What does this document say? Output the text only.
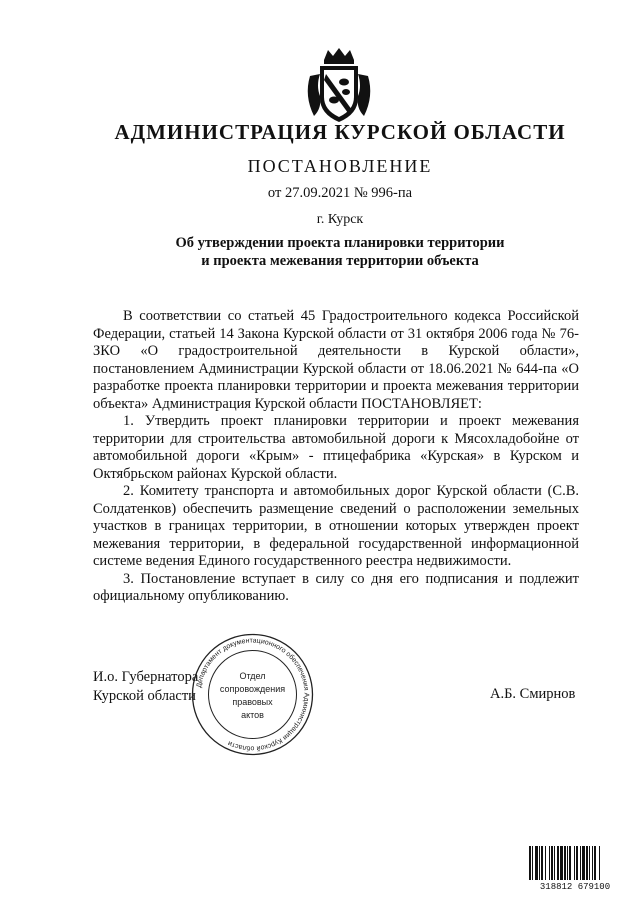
АДМИНИСТРАЦИЯ КУРСКОЙ ОБЛАСТИ
ПОСТАНОВЛЕНИЕ
от 27.09.2021 № 996-па
г. Курск
Об утверждении проекта планировки территории
и проекта межевания территории объекта

В соответствии со статьей 45 Градостроительного кодекса Российской Федерации, статьей 14 Закона Курской области от 31 октября 2006 года № 76-ЗКО «О градостроительной деятельности в Курской области», постановлением Администрации Курской области от 18.06.2021 № 644-па «О разработке проекта планировки территории и проекта межевания территории объекта» Администрация Курской области ПОСТАНОВЛЯЕТ:

1. Утвердить проект планировки территории и проект межевания территории для строительства автомобильной дороги к Мясохладобойне от автомобильной дороги «Крым» - птицефабрика «Курская» в Курском и Октябрьском районах Курской области.

2. Комитету транспорта и автомобильных дорог Курской области (С.В. Солдатенков) обеспечить размещение сведений о расположении земельных участков в границах территории, в отношении которых утвержден проект межевания территории, в федеральной государственной информационной системе ведения Единого государственного реестра недвижимости.

3. Постановление вступает в силу со дня его подписания и подлежит официальному опубликованию.

И.о. Губернатора
Курской области	А.Б. Смирнов
Департамент документационного обеспечения Администрации Курской области
Отдел
сопровождения
правовых
актов
318812 679100
